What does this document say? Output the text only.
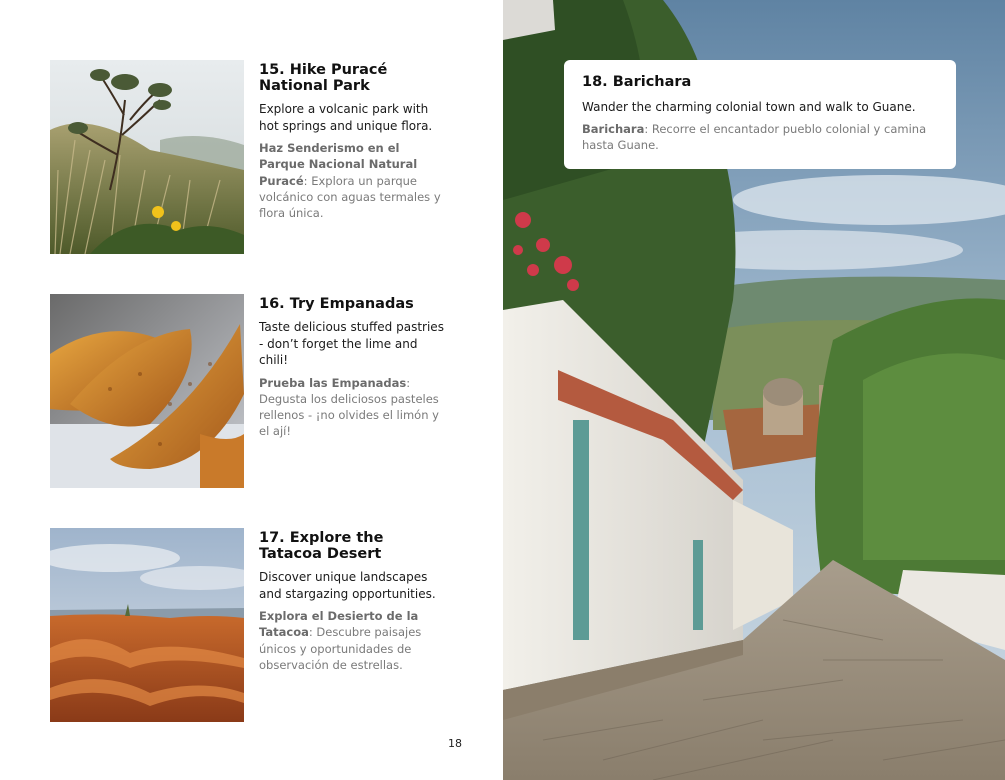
15. Hike Puracé National Park

Explore a volcanic park with hot springs and unique flora.

Haz Senderismo en el Parque Nacional Natural Puracé: Explora un parque volcánico con aguas termales y flora única.

16. Try Empanadas

Taste delicious stuffed pastries - don’t forget the lime and chili!

Prueba las Empanadas: Degusta los deliciosos pasteles rellenos - ¡no olvides el limón y el ají!

17. Explore the Tatacoa Desert

Discover unique landscapes and stargazing opportunities.

Explora el Desierto de la Tatacoa: Descubre paisajes únicos y oportunidades de observación de estrellas.

18
18. Barichara

Wander the charming colonial town and walk to Guane.

Barichara: Recorre el encantador pueblo colonial y camina hasta Guane.
